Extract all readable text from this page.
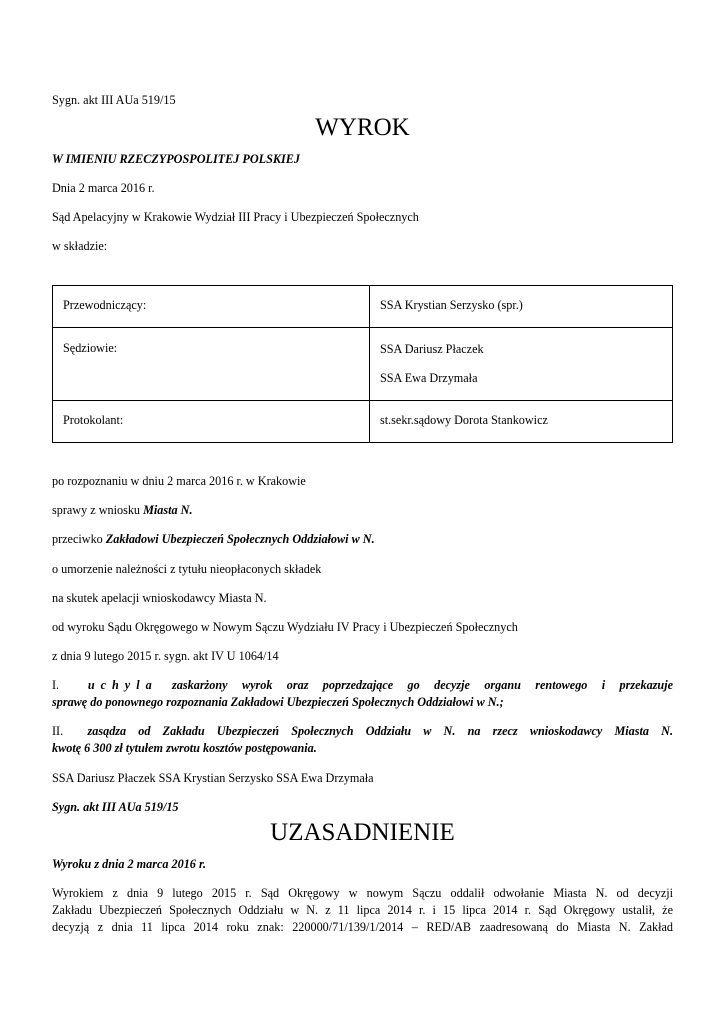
Sygn. akt III AUa 519/15
WYROK
W IMIENIU RZECZYPOSPOLITEJ POLSKIEJ
Dnia 2 marca 2016 r.
Sąd Apelacyjny w Krakowie Wydział III Pracy i Ubezpieczeń Społecznych
w składzie:
Przewodniczący:	SSA Krystian Serzysko (spr.)
Sędziowie:	SSA Dariusz Płaczek
SSA Ewa Drzymała

Protokolant:	st.sekr.sądowy Dorota Stankowicz
po rozpoznaniu w dniu 2 marca 2016 r. w Krakowie
sprawy z wniosku Miasta N.
przeciwko Zakładowi Ubezpieczeń Społecznych Oddziałowi w N.
o umorzenie należności z tytułu nieopłaconych składek
na skutek apelacji wnioskodawcy Miasta N.
od wyroku Sądu Okręgowego w Nowym Sączu Wydziału IV Pracy i Ubezpieczeń Społecznych
z dnia 9 lutego 2015 r. sygn. akt IV U 1064/14
I. uchyla zaskarżony wyrok oraz poprzedzające go decyzje organu rentowego i przekazuje
sprawę do ponownego rozpoznania Zakładowi Ubezpieczeń Społecznych Oddziałowi w N.;
II. zasądza od Zakładu Ubezpieczeń Społecznych Oddziału w N. na rzecz wnioskodawcy Miasta N.
kwotę 6 300 zł tytułem zwrotu kosztów postępowania.
SSA Dariusz Płaczek SSA Krystian Serzysko SSA Ewa Drzymała
Sygn. akt III AUa 519/15
UZASADNIENIE
Wyroku z dnia 2 marca 2016 r.
Wyrokiem z dnia 9 lutego 2015 r. Sąd Okręgowy w nowym Sączu oddalił odwołanie Miasta N. od decyzji
Zakładu Ubezpieczeń Społecznych Oddziału w N. z 11 lipca 2014 r. i 15 lipca 2014 r. Sąd Okręgowy ustalił, że
decyzją z dnia 11 lipca 2014 roku znak: 220000/71/139/1/2014 – RED/AB zaadresowaną do Miasta N. Zakład
